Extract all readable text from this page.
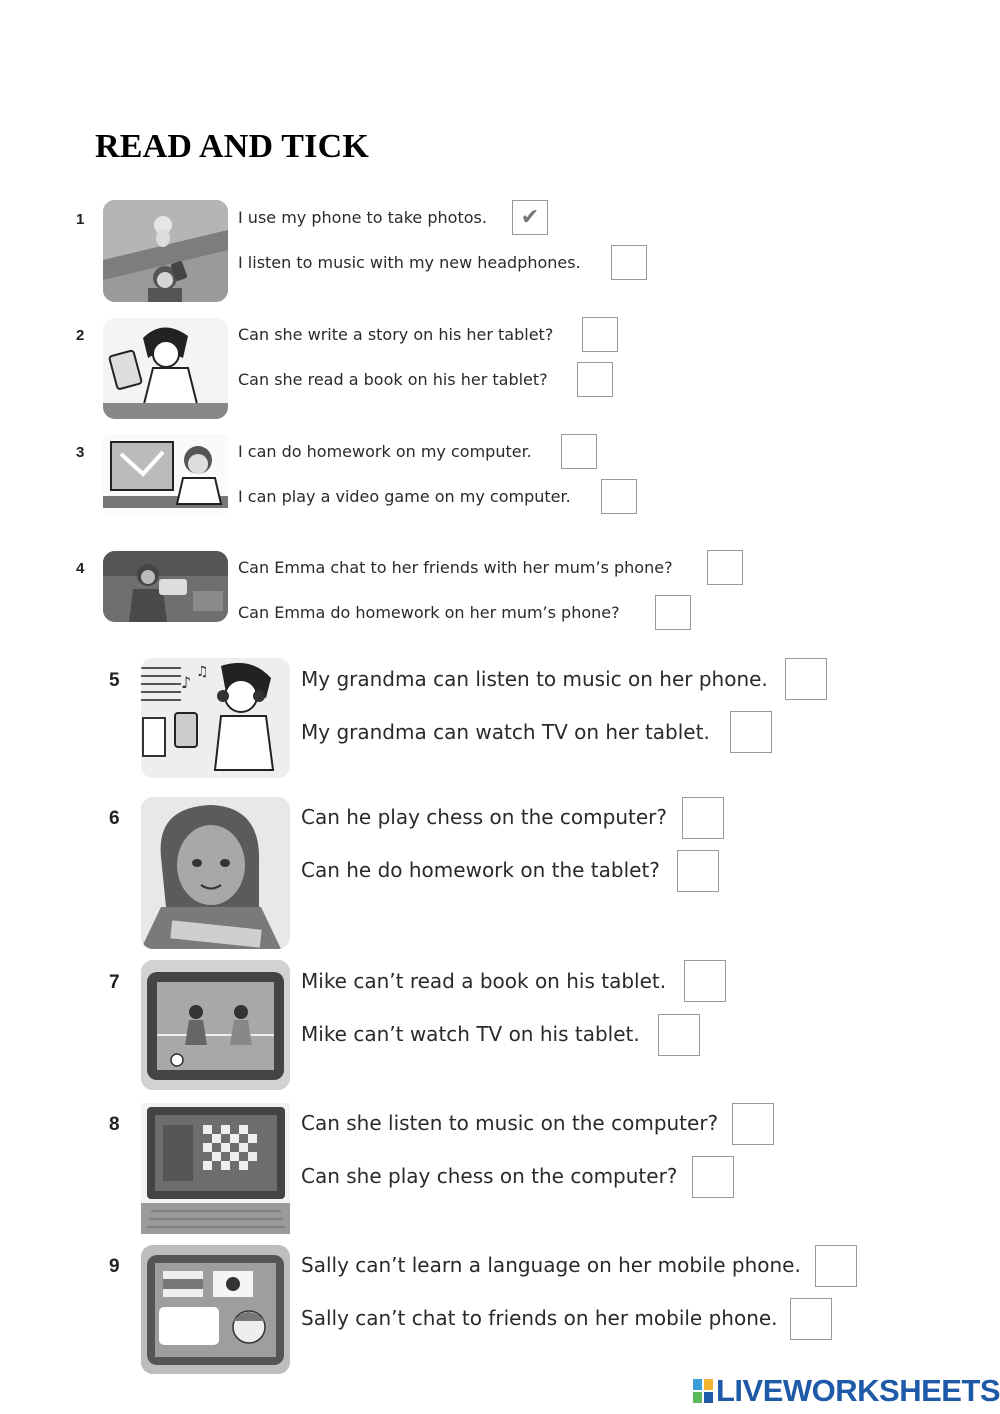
READ AND TICK
1	I use my phone to take photos. ✔
I listen to music with my new headphones.
2	Can she write a story on his her tablet?
Can she read a book on his her tablet?
3	I can do homework on my computer.
I can play a video game on my computer.
4	Can Emma chat to her friends with her mum’s phone?
Can Emma do homework on her mum’s phone?
5	♪
♫	My grandma can listen to music on her phone.
My grandma can watch TV on her tablet.
6	Can he play chess on the computer?
Can he do homework on the tablet?
7	Mike can’t read a book on his tablet.
Mike can’t watch TV on his tablet.
8	Can she listen to music on the computer?
Can she play chess on the computer?
9	Sally can’t learn a language on her mobile phone.
Sally can’t chat to friends on her mobile phone.
LIVEWORKSHEETS
